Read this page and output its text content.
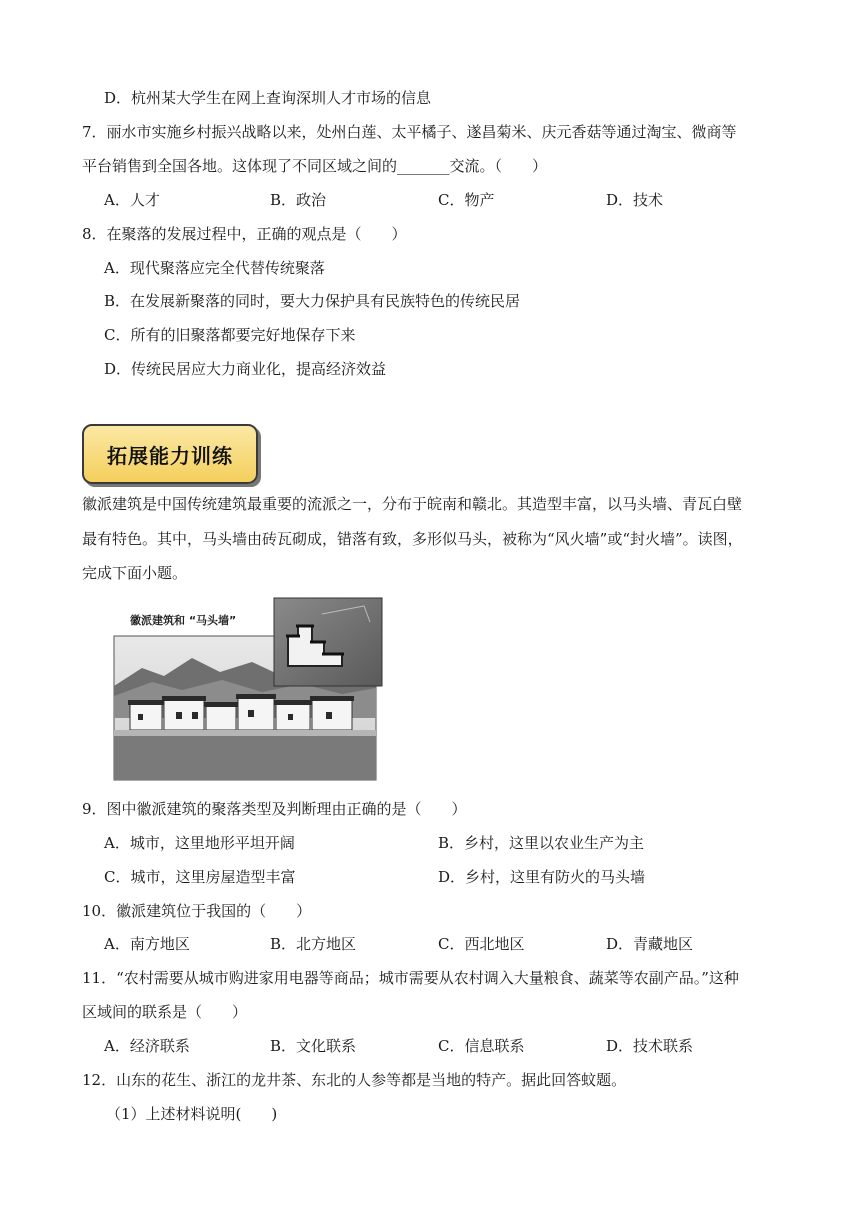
D．杭州某大学生在网上查询深圳人才市场的信息
7．丽水市实施乡村振兴战略以来，处州白莲、太平橘子、遂昌菊米、庆元香菇等通过淘宝、微商等
平台销售到全国各地。这体现了不同区域之间的_______交流。（　　）
A．人才	B．政治	C．物产	D．技术
8．在聚落的发展过程中，正确的观点是（　　）
A．现代聚落应完全代替传统聚落
B．在发展新聚落的同时，要大力保护具有民族特色的传统民居
C．所有的旧聚落都要完好地保存下来
D．传统民居应大力商业化，提高经济效益
拓展能力训练
徽派建筑是中国传统建筑最重要的流派之一，分布于皖南和赣北。其造型丰富，以马头墙、青瓦白壁
最有特色。其中，马头墙由砖瓦砌成，错落有致，多形似马头，被称为“风火墙”或“封火墙”。读图，
完成下面小题。
徽派建筑和 “马头墙”
9．图中徽派建筑的聚落类型及判断理由正确的是（　　）
A．城市，这里地形平坦开阔	B．乡村，这里以农业生产为主
C．城市，这里房屋造型丰富	D．乡村，这里有防火的马头墙
10．徽派建筑位于我国的（　　）
A．南方地区	B．北方地区	C．西北地区	D．青藏地区
11．“农村需要从城市购进家用电器等商品；城市需要从农村调入大量粮食、蔬菜等农副产品。”这种
区域间的联系是（　　）
A．经济联系	B．文化联系	C．信息联系	D．技术联系
12．山东的花生、浙江的龙井茶、东北的人参等都是当地的特产。据此回答蚊题。
（1）上述材料说明(　　)
